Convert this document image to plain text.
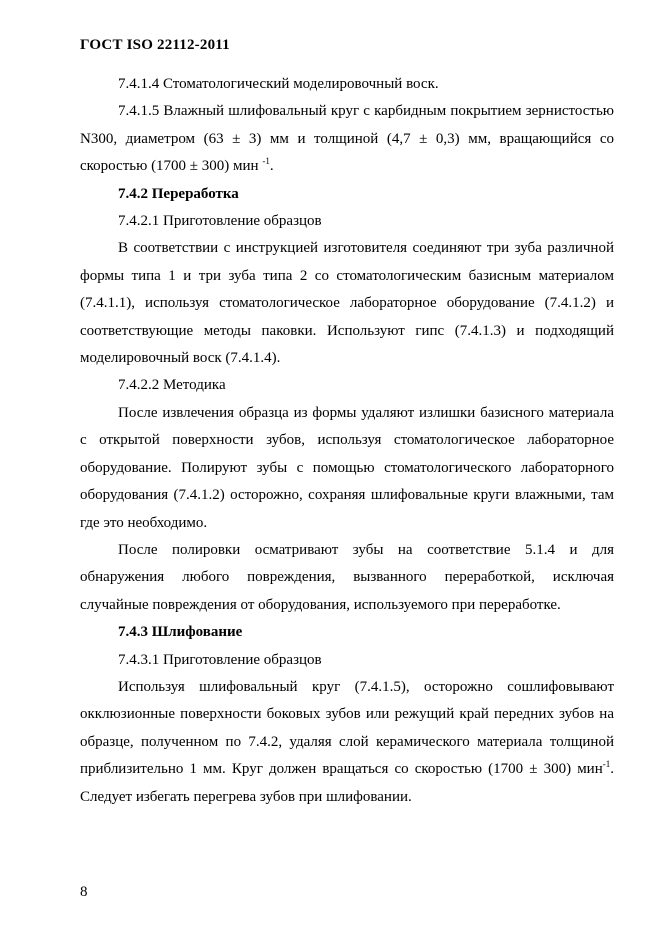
ГОСТ ISO 22112-2011

7.4.1.4 Стоматологический моделировочный воск.

7.4.1.5 Влажный шлифовальный круг с карбидным покрытием зернистостью N300, диаметром (63 ± 3) мм и толщиной (4,7 ± 0,3) мм, вращающийся со скоростью (1700 ± 300) мин $^{-1}$.

7.4.2 Переработка

7.4.2.1 Приготовление образцов

В соответствии с инструкцией изготовителя соединяют три зуба различной формы типа 1 и три зуба типа 2 со стоматологическим базисным материалом (7.4.1.1), используя стоматологическое лабораторное оборудование (7.4.1.2) и соответствующие методы паковки. Используют гипс (7.4.1.3) и подходящий моделировочный воск (7.4.1.4).

7.4.2.2 Методика

После извлечения образца из формы удаляют излишки базисного материала с открытой поверхности зубов, используя стоматологическое лабораторное оборудование. Полируют зубы с помощью стоматологического лабораторного оборудования (7.4.1.2) осторожно, сохраняя шлифовальные круги влажными, там где это необходимо.

После полировки осматривают зубы на соответствие 5.1.4 и для обнаружения любого повреждения, вызванного переработкой, исключая случайные повреждения от оборудования, используемого при переработке.

7.4.3 Шлифование

7.4.3.1 Приготовление образцов

Используя шлифовальный круг (7.4.1.5), осторожно сошлифовывают окклюзионные поверхности боковых зубов или режущий край передних зубов на образце, полученном по 7.4.2, удаляя слой керамического материала толщиной приблизительно 1 мм. Круг должен вращаться со скоростью (1700 ± 300) мин$^{-1}$. Следует избегать перегрева зубов при шлифовании.

8
